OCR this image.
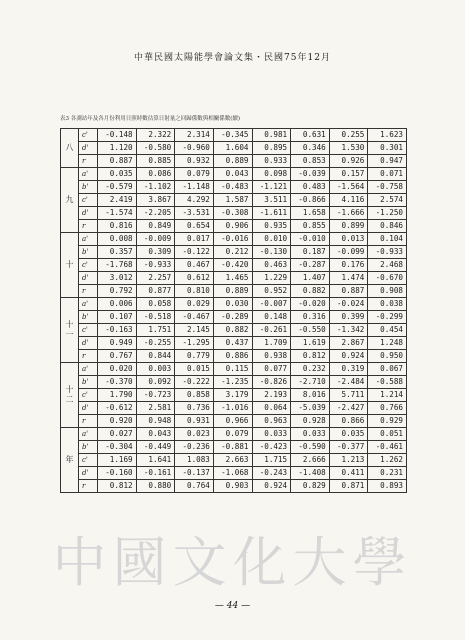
中華民國太陽能學會論文集・民國75年12月
表3 各測站年及各月份利用日照時數估算日射量之回歸係數與相關係數(續)
八	c'	-0.148	2.322	2.314	-0.345	0.981	0.631	0.255	1.623
	d'	1.120	-0.580	-0.960	1.604	0.895	0.346	1.530	0.301
	r	0.887	0.885	0.932	0.889	0.933	0.853	0.926	0.947

九	a'	0.035	0.086	0.079	0.043	0.098	-0.039	0.157	0.071
	b'	-0.579	-1.102	-1.148	-0.483	-1.121	0.483	-1.564	-0.758
	c'	2.419	3.867	4.292	1.587	3.511	-0.866	4.116	2.574
	d'	-1.574	-2.205	-3.531	-0.308	-1.611	1.658	-1.666	-1.250
	r	0.816	0.849	0.654	0.906	0.935	0.855	0.899	0.846

十	a'	0.008	-0.009	0.017	-0.016	0.010	-0.010	0.013	0.104
	b'	0.357	0.309	-0.122	0.212	-0.130	0.187	-0.099	-0.933
	c'	-1.768	-0.933	0.467	-0.420	0.463	-0.287	0.176	2.468
	d'	3.012	2.257	0.612	1.465	1.229	1.407	1.474	-0.670
	r	0.792	0.877	0.810	0.889	0.952	0.882	0.887	0.908

十
一	a'	0.006	0.058	0.029	0.030	-0.007	-0.020	-0.024	0.038
	b'	0.107	-0.518	-0.467	-0.289	0.148	0.316	0.399	-0.299
	c'	-0.163	1.751	2.145	0.882	-0.261	-0.550	-1.342	0.454
	d'	0.949	-0.255	-1.295	0.437	1.709	1.619	2.867	1.248
	r	0.767	0.844	0.779	0.886	0.938	0.812	0.924	0.950

十
二	a'	0.020	0.003	0.015	0.115	0.077	0.232	0.319	0.067
	b'	-0.370	0.092	-0.222	-1.235	-0.826	-2.710	-2.484	-0.588
	c'	1.790	-0.723	0.858	3.179	2.193	8.016	5.711	1.214
	d'	-0.612	2.581	0.736	-1.016	0.064	-5.039	-2.427	0.766
	r	0.920	0.948	0.931	0.966	0.963	0.928	0.866	0.929

年	a'	0.027	0.043	0.023	0.079	0.033	0.033	0.035	0.051
	b'	-0.304	-0.449	-0.236	-0.881	-0.423	-0.590	-0.377	-0.461
	c'	1.169	1.641	1.083	2.663	1.715	2.666	1.213	1.262
	d'	-0.160	-0.161	-0.137	-1.068	-0.243	-1.408	0.411	0.231
	r	0.812	0.880	0.764	0.903	0.924	0.829	0.871	0.893
中國文化大學
— 44 —
